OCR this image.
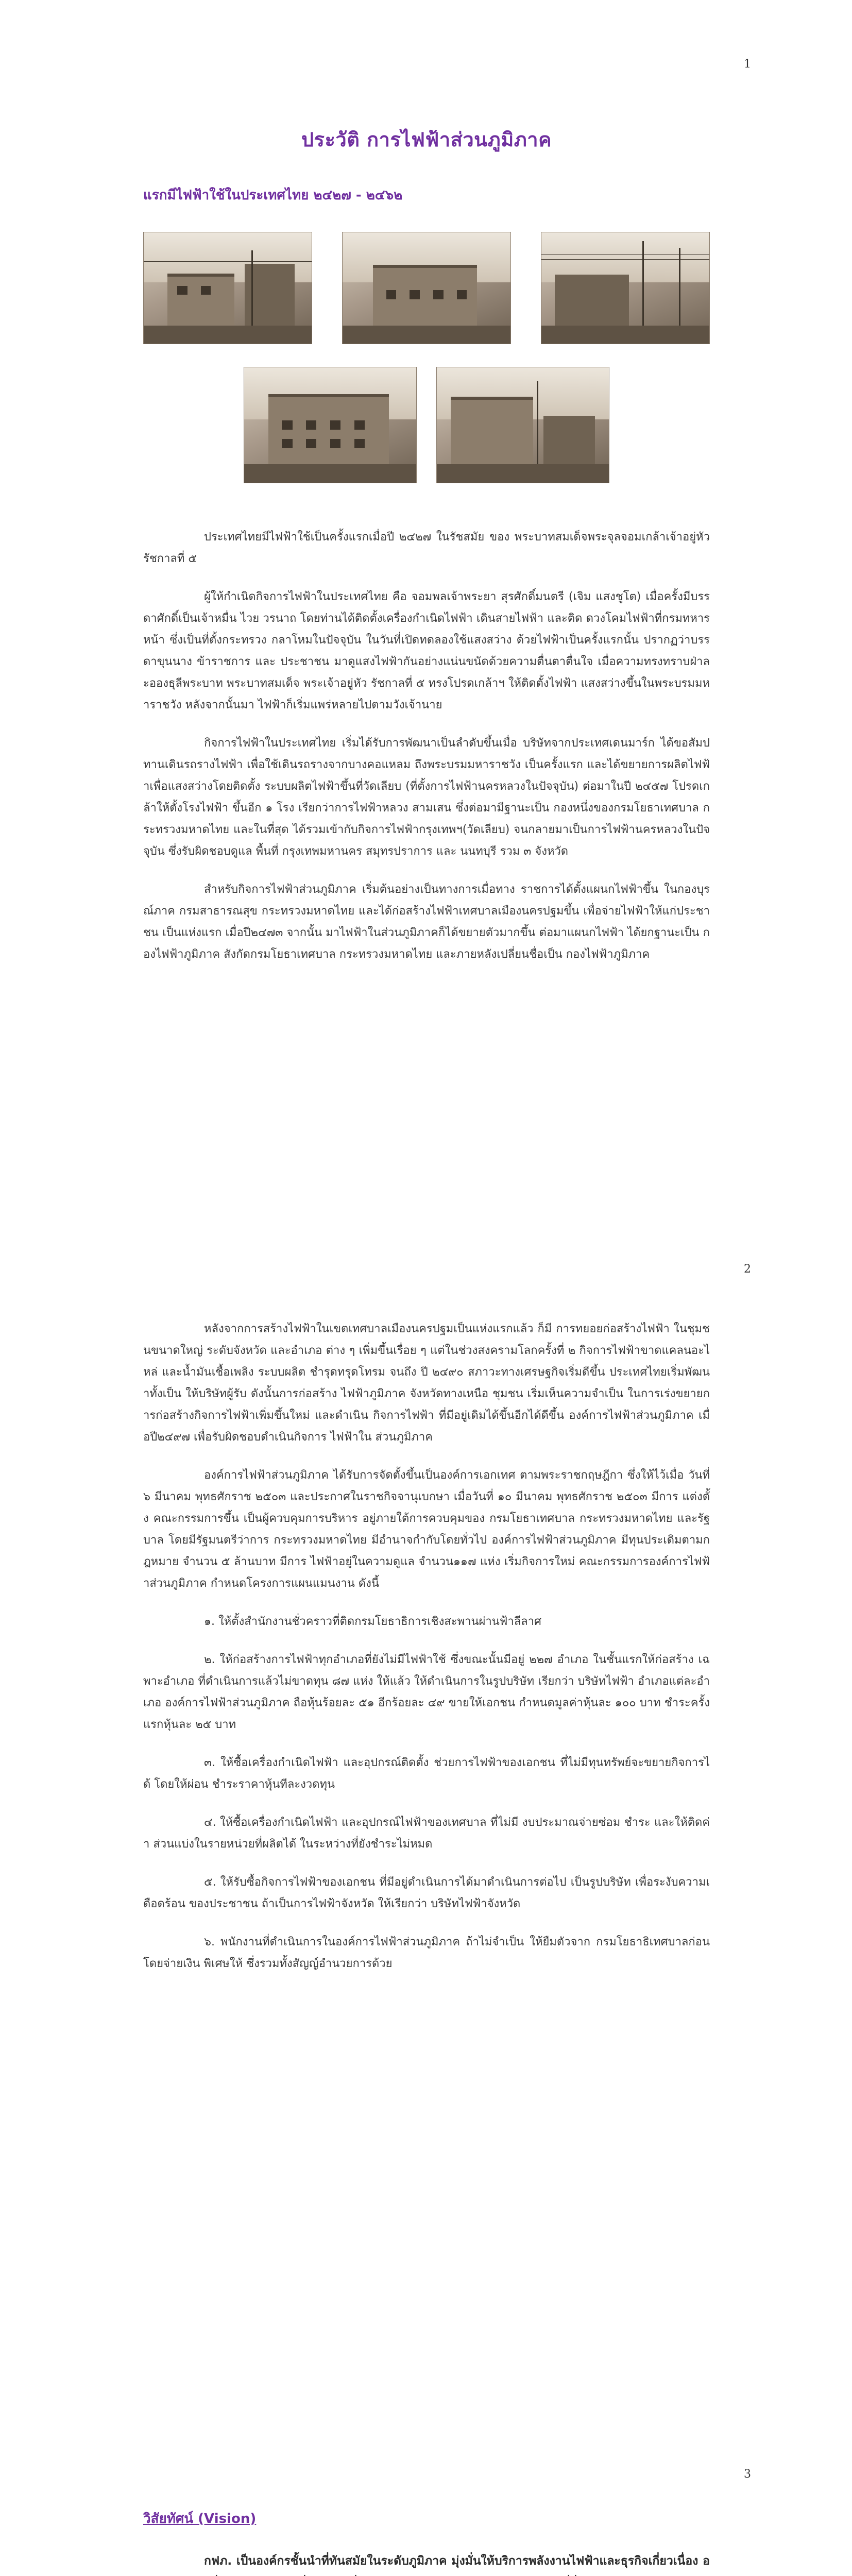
1
ประวัติ การไฟฟ้าส่วนภูมิภาค
แรกมีไฟฟ้าใช้ในประเทศไทย ๒๔๒๗ - ๒๔๖๒

ประเทศไทยมีไฟฟ้าใช้เป็นครั้งแรกเมื่อปี ๒๔๒๗ ในรัชสมัย ของ พระบาทสมเด็จพระจุลจอมเกล้าเจ้าอยู่หัว รัชกาลที่ ๕

ผู้ให้กำเนิดกิจการไฟฟ้าในประเทศไทย คือ จอมพลเจ้าพระยา สุรศักดิ์มนตรี (เจิม แสงชูโต) เมื่อครั้งมีบรรดาศักดิ์เป็นเจ้าหมื่น ไวย วรนาถ โดยท่านได้ติดตั้งเครื่องกำเนิดไฟฟ้า เดินสายไฟฟ้า และติด ดวงโคมไฟฟ้าที่กรมทหารหน้า ซึ่งเป็นที่ตั้งกระทรวง กลาโหมในปัจจุบัน ในวันที่เปิดทดลองใช้แสงสว่าง ด้วยไฟฟ้าเป็นครั้งแรกนั้น ปรากฏว่าบรรดาขุนนาง ข้าราชการ และ ประชาชน มาดูแสงไฟฟ้ากันอย่างแน่นขนัดด้วยความตื่นตาตื่นใจ เมื่อความทรงทราบฝ่าละอองธุลีพระบาท พระบาทสมเด็จ พระเจ้าอยู่หัว รัชกาลที่ ๕ ทรงโปรดเกล้าฯ ให้ติดตั้งไฟฟ้า แสงสว่างขึ้นในพระบรมมหาราชวัง หลังจากนั้นมา ไฟฟ้าก็เริ่มแพร่หลายไปตามวังเจ้านาย

กิจการไฟฟ้าในประเทศไทย เริ่มได้รับการพัฒนาเป็นลำดับขึ้นเมื่อ บริษัทจากประเทศเดนมาร์ก ได้ขอสัมปทานเดินรถรางไฟฟ้า เพื่อใช้เดินรถรางจากบางคอแหลม ถึงพระบรมมหาราชวัง เป็นครั้งแรก และได้ขยายการผลิตไฟฟ้าเพื่อแสงสว่างโดยติดตั้ง ระบบผลิตไฟฟ้าขึ้นที่วัดเลียบ (ที่ตั้งการไฟฟ้านครหลวงในปัจจุบัน) ต่อมาในปี ๒๔๕๗ โปรดเกล้าให้ตั้งโรงไฟฟ้า ขึ้นอีก ๑ โรง เรียกว่าการไฟฟ้าหลวง สามเสน ซึ่งต่อมามีฐานะเป็น กองหนึ่งของกรมโยธาเทศบาล กระทรวงมหาดไทย และในที่สุด ได้รวมเข้ากับกิจการไฟฟ้ากรุงเทพฯ(วัดเลียบ) จนกลายมาเป็นการไฟฟ้านครหลวงในปัจจุบัน ซึ่งรับผิดชอบดูแล พื้นที่ กรุงเทพมหานคร สมุทรปราการ และ นนทบุรี รวม ๓ จังหวัด

สำหรับกิจการไฟฟ้าส่วนภูมิภาค เริ่มต้นอย่างเป็นทางการเมื่อทาง ราชการได้ตั้งแผนกไฟฟ้าขึ้น ในกองบุรณ์ภาค กรมสาธารณสุข กระทรวงมหาดไทย และได้ก่อสร้างไฟฟ้าเทศบาลเมืองนครปฐมขึ้น เพื่อจ่ายไฟฟ้าให้แก่ประชาชน เป็นแห่งแรก เมื่อปี๒๔๗๓ จากนั้น มาไฟฟ้าในส่วนภูมิภาคก็ได้ขยายตัวมากขึ้น ต่อมาแผนกไฟฟ้า ได้ยกฐานะเป็น กองไฟฟ้าภูมิภาค สังกัดกรมโยธาเทศบาล กระทรวงมหาดไทย และภายหลังเปลี่ยนชื่อเป็น กองไฟฟ้าภูมิภาค

2

หลังจากการสร้างไฟฟ้าในเขตเทศบาลเมืองนครปฐมเป็นแห่งแรกแล้ว ก็มี การทยอยก่อสร้างไฟฟ้า ในชุมชนขนาดใหญ่ ระดับจังหวัด และอำเภอ ต่าง ๆ เพิ่มขึ้นเรื่อย ๆ แต่ในช่วงสงครามโลกครั้งที่ ๒ กิจการไฟฟ้าขาดแคลนอะไหล่ และน้ำมันเชื้อเพลิง ระบบผลิต ชำรุดทรุดโทรม จนถึง ปี ๒๔๙๐ สภาวะทางเศรษฐกิจเริ่มดีขึ้น ประเทศไทยเริ่มพัฒนาทั้งเป็น ให้บริษัทผู้รับ ดังนั้นการก่อสร้าง ไฟฟ้าภูมิภาค จังหวัดทางเหนือ ชุมชน เริ่มเห็นความจำเป็น ในการเร่งขยายการก่อสร้างกิจการไฟฟ้าเพิ่มขึ้นใหม่ และดำเนิน กิจการไฟฟ้า ที่มีอยู่เดิมได้ขึ้นอีกได้ดีขึ้น องค์การไฟฟ้าส่วนภูมิภาค เมื่อปี๒๔๙๗ เพื่อรับผิดชอบดำเนินกิจการ ไฟฟ้าใน ส่วนภูมิภาค

องค์การไฟฟ้าส่วนภูมิภาค ได้รับการจัดตั้งขึ้นเป็นองค์การเอกเทศ ตามพระราชกฤษฎีกา ซึ่งให้ไว้เมื่อ วันที่ ๖ มีนาคม พุทธศักราช ๒๕๐๓ และประกาศในราชกิจจานุเบกษา เมื่อวันที่ ๑๐ มีนาคม พุทธศักราช ๒๕๐๓ มีการ แต่งตั้ง คณะกรรมการขึ้น เป็นผู้ควบคุมการบริหาร อยู่ภายใต้การควบคุมของ กรมโยธาเทศบาล กระทรวงมหาดไทย และรัฐบาล โดยมีรัฐมนตรีว่าการ กระทรวงมหาดไทย มีอำนาจกำกับโดยทั่วไป องค์การไฟฟ้าส่วนภูมิภาค มีทุนประเดิมตามกฎหมาย จำนวน ๕ ล้านบาท มีการ ไฟฟ้าอยู่ในความดูแล จำนวน๑๑๗ แห่ง เริ่มกิจการใหม่ คณะกรรมการองค์การไฟฟ้าส่วนภูมิภาค กำหนดโครงการแผนแมนงาน ดังนี้

๑. ให้ตั้งสำนักงานชั่วคราวที่ติดกรมโยธาธิการเชิงสะพานผ่านฟ้าลีลาศ

๒. ให้ก่อสร้างการไฟฟ้าทุกอำเภอที่ยังไม่มีไฟฟ้าใช้ ซึ่งขณะนั้นมีอยู่ ๒๒๗ อำเภอ ในชั้นแรกให้ก่อสร้าง เฉพาะอำเภอ ที่ดำเนินการแล้วไม่ขาดทุน ๘๗ แห่ง ให้แล้ว ให้ดำเนินการในรูปบริษัท เรียกว่า บริษัทไฟฟ้า อำเภอแต่ละอำเภอ องค์การไฟฟ้าส่วนภูมิภาค ถือหุ้นร้อยละ ๕๑ อีกร้อยละ ๔๙ ขายให้เอกชน กำหนดมูลค่าหุ้นละ ๑๐๐ บาท ชำระครั้งแรกหุ้นละ ๒๕ บาท

๓. ให้ซื้อเครื่องกำเนิดไฟฟ้า และอุปกรณ์ติดตั้ง ช่วยการไฟฟ้าของเอกชน ที่ไม่มีทุนทรัพย์จะขยายกิจการได้ โดยให้ผ่อน ชำระราคาหุ้นทีละงวดทุน

๔. ให้ซื้อเครื่องกำเนิดไฟฟ้า และอุปกรณ์ไฟฟ้าของเทศบาล ที่ไม่มี งบประมาณจ่ายซ่อม ชำระ และให้ติดค่า ส่วนแบ่งในรายหน่วยที่ผลิตได้ ในระหว่างที่ยังชำระไม่หมด

๕. ให้รับซื้อกิจการไฟฟ้าของเอกชน ที่มีอยู่ดำเนินการได้มาดำเนินการต่อไป เป็นรูปบริษัท เพื่อระงับความเดือดร้อน ของประชาชน ถ้าเป็นการไฟฟ้าจังหวัด ให้เรียกว่า บริษัทไฟฟ้าจังหวัด

๖. พนักงานที่ดำเนินการในองค์การไฟฟ้าส่วนภูมิภาค ถ้าไม่จำเป็น ให้ยืมตัวจาก กรมโยธาธิเทศบาลก่อน โดยจ่ายเงิน พิเศษให้ ซึ่งรวมทั้งสัญญ์อำนวยการด้วย

3
วิสัยทัศน์ (Vision)

กฟภ. เป็นองค์กรชั้นนำที่ทันสมัยในระดับภูมิภาค มุ่งมั่นให้บริการพลังงานไฟฟ้าและธุรกิจเกี่ยวเนื่อง อ
